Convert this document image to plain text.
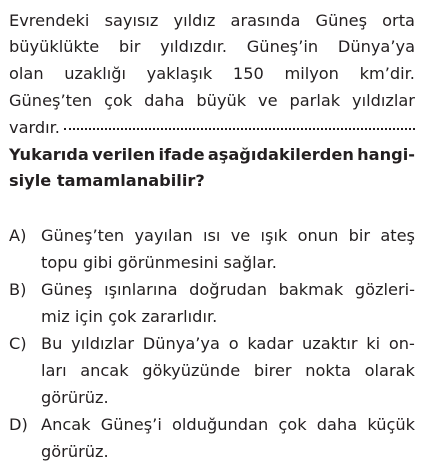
Evrendeki sayısız yıldız arasında Güneş orta
büyüklükte bir yıldızdır. Güneş’in Dünya’ya
olan uzaklığı yaklaşık 150 milyon km’dir.
Güneş’ten çok daha büyük ve parlak yıldızlar
vardır.
Yukarıda verilen ifade aşağıdakilerden hangi-
siyle tamamlanabilir?
A) Güneş’ten yayılan ısı ve ışık onun bir ateş
topu gibi görünmesini sağlar.
B) Güneş ışınlarına doğrudan bakmak gözleri-
miz için çok zararlıdır.
C) Bu yıldızlar Dünya’ya o kadar uzaktır ki on-
ları ancak gökyüzünde birer nokta olarak
görürüz.
D) Ancak Güneş’i olduğundan çok daha küçük
görürüz.
